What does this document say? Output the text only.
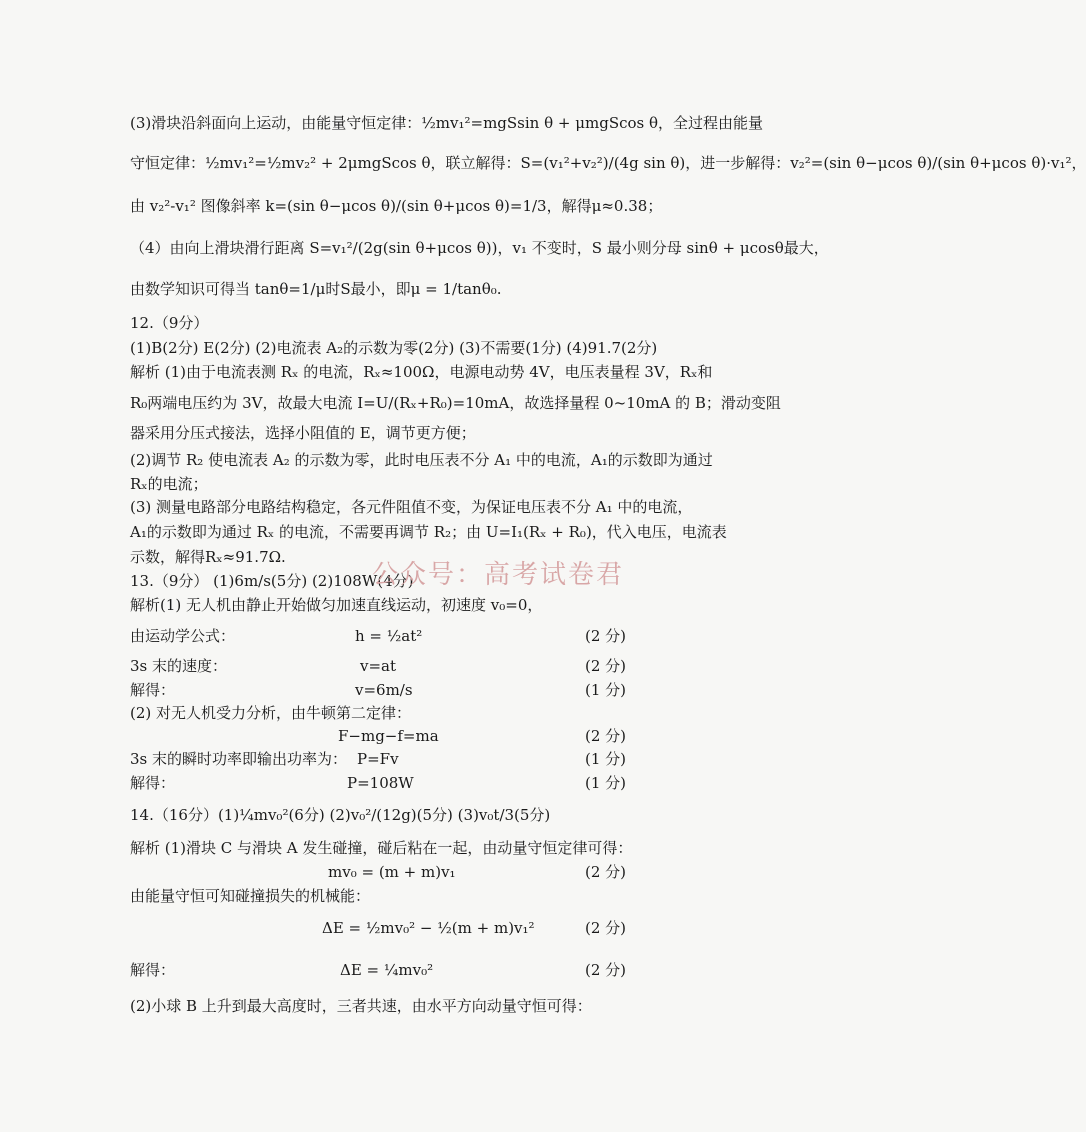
(3)滑块沿斜面向上运动，由能量守恒定律：½mv₁²=mgSsin θ + μmgScos θ，全过程由能量
守恒定律：½mv₁²=½mv₂² + 2μmgScos θ，联立解得：S=(v₁²+v₂²)/(4g sin θ)，进一步解得：v₂²=(sin θ−μcos θ)/(sin θ+μcos θ)·v₁²，
由 v₂²-v₁² 图像斜率 k=(sin θ−μcos θ)/(sin θ+μcos θ)=1/3，解得μ≈0.38；
（4）由向上滑块滑行距离 S=v₁²/(2g(sin θ+μcos θ))，v₁ 不变时，S 最小则分母 sinθ + μcosθ最大，
由数学知识可得当 tanθ=1/μ时S最小，即μ = 1/tanθ₀.
12.（9分）
(1)B(2分) E(2分) (2)电流表 A₂的示数为零(2分) (3)不需要(1分) (4)91.7(2分)
解析 (1)由于电流表测 Rₓ 的电流，Rₓ≈100Ω，电源电动势 4V，电压表量程 3V，Rₓ和
R₀两端电压约为 3V，故最大电流 I=U/(Rₓ+R₀)=10mA，故选择量程 0~10mA 的 B；滑动变阻
器采用分压式接法，选择小阻值的 E，调节更方便；
(2)调节 R₂ 使电流表 A₂ 的示数为零，此时电压表不分 A₁ 中的电流，A₁的示数即为通过
Rₓ的电流；
(3) 测量电路部分电路结构稳定，各元件阻值不变，为保证电压表不分 A₁ 中的电流，
A₁的示数即为通过 Rₓ 的电流，不需要再调节 R₂；由 U=I₁(Rₓ + R₀)，代入电压，电流表
示数，解得Rₓ≈91.7Ω.
13.（9分） (1)6m/s(5分) (2)108W(4分)
解析(1) 无人机由静止开始做匀加速直线运动，初速度 v₀=0，
由运动学公式：	h = ½at²	(2 分)
3s 末的速度：	v=at	(2 分)
解得：	v=6m/s	(1 分)
(2) 对无人机受力分析，由牛顿第二定律：
F−mg−f=ma	(2 分)
3s 末的瞬时功率即输出功率为： P=Fv	(1 分)
解得：	P=108W	(1 分)
14.（16分）(1)¼mv₀²(6分) (2)v₀²/(12g)(5分) (3)v₀t/3(5分)
解析 (1)滑块 C 与滑块 A 发生碰撞，碰后粘在一起，由动量守恒定律可得：
mv₀ = (m + m)v₁	(2 分)
由能量守恒可知碰撞损失的机械能：
ΔE = ½mv₀² − ½(m + m)v₁²	(2 分)
解得：	ΔE = ¼mv₀²	(2 分)
(2)小球 B 上升到最大高度时，三者共速，由水平方向动量守恒可得：
公众号：高考试卷君
